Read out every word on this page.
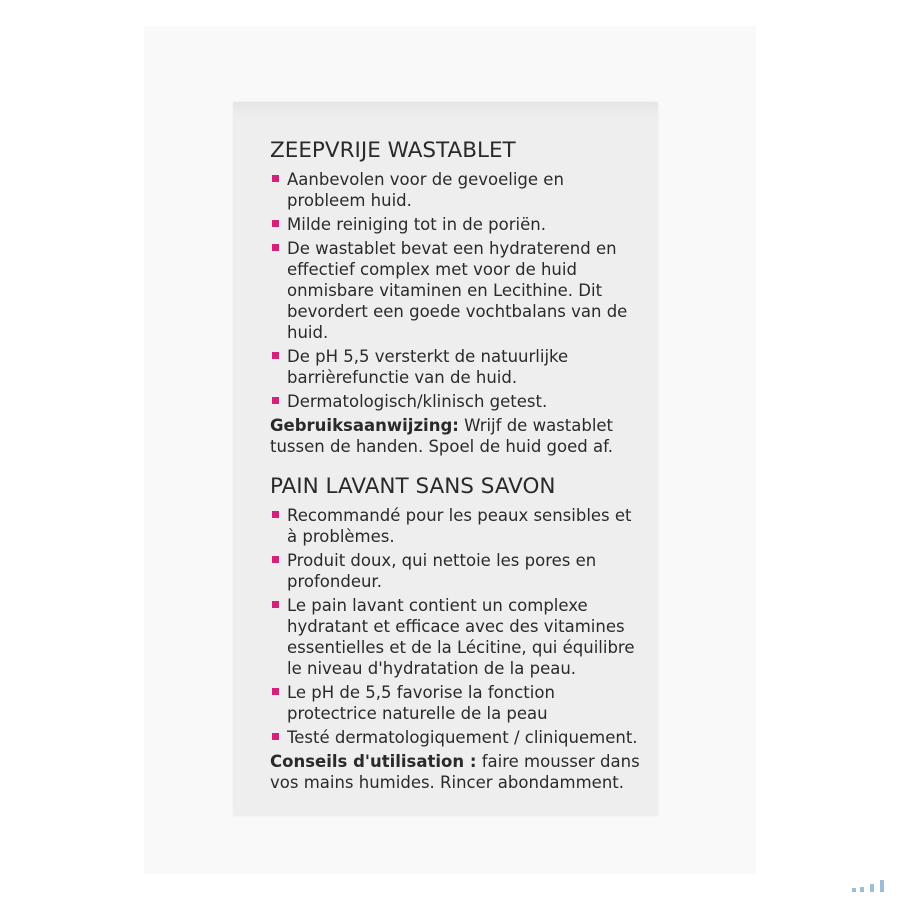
ZEEPVRIJE WASTABLET
Aanbevolen voor de gevoelige en probleem huid.
Milde reiniging tot in de poriën.
De wastablet bevat een hydraterend en effectief complex met voor de huid onmisbare vitaminen en Lecithine. Dit bevordert een goede vochtbalans van de huid.
De pH 5,5 versterkt de natuurlijke barrièrefunctie van de huid.
Dermatologisch/klinisch getest.

Gebruiksaanwijzing: Wrijf de wastablet tussen de handen. Spoel de huid goed af.

PAIN LAVANT SANS SAVON
Recommandé pour les peaux sensibles et à problèmes.
Produit doux, qui nettoie les pores en profondeur.
Le pain lavant contient un complexe hydratant et efficace avec des vitamines essentielles et de la Lécitine, qui équilibre le niveau d'hydratation de la peau.
Le pH de 5,5 favorise la fonction protectrice naturelle de la peau
Testé dermatologiquement / cliniquement.

Conseils d'utilisation : faire mousser dans vos mains humides. Rincer abondamment.
